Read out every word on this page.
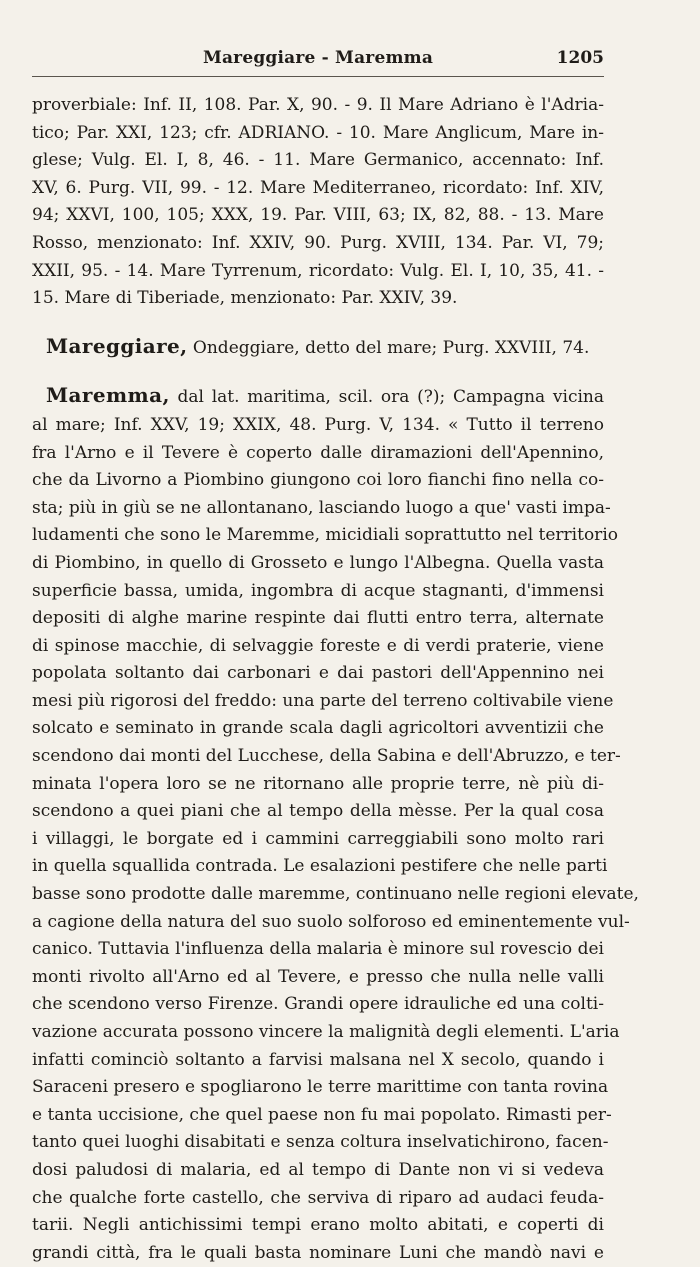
Mareggiare - Maremma	1205

proverbiale: Inf. II, 108. Par. X, 90. - 9. Il Mare Adriano è l'Adria-
tico; Par. XXI, 123; cfr. ADRIANO. - 10. Mare Anglicum, Mare in-
glese; Vulg. El. I, 8, 46. - 11. Mare Germanico, accennato: Inf.
XV, 6. Purg. VII, 99. - 12. Mare Mediterraneo, ricordato: Inf. XIV,
94; XXVI, 100, 105; XXX, 19. Par. VIII, 63; IX, 82, 88. - 13. Mare
Rosso, menzionato: Inf. XXIV, 90. Purg. XVIII, 134. Par. VI, 79;
XXII, 95. - 14. Mare Tyrrenum, ricordato: Vulg. El. I, 10, 35, 41. -
15. Mare di Tiberiade, menzionato: Par. XXIV, 39.

Mareggiare, Ondeggiare, detto del mare; Purg. XXVIII, 74.

Maremma, dal lat. maritima, scil. ora (?); Campagna vicina
al mare; Inf. XXV, 19; XXIX, 48. Purg. V, 134. « Tutto il terreno
fra l'Arno e il Tevere è coperto dalle diramazioni dell'Apennino,
che da Livorno a Piombino giungono coi loro fianchi fino nella co-
sta; più in giù se ne allontanano, lasciando luogo a que' vasti impa-
ludamenti che sono le Maremme, micidiali soprattutto nel territorio
di Piombino, in quello di Grosseto e lungo l'Albegna. Quella vasta
superficie bassa, umida, ingombra di acque stagnanti, d'immensi
depositi di alghe marine respinte dai flutti entro terra, alternate
di spinose macchie, di selvaggie foreste e di verdi praterie, viene
popolata soltanto dai carbonari e dai pastori dell'Appennino nei
mesi più rigorosi del freddo: una parte del terreno coltivabile viene
solcato e seminato in grande scala dagli agricoltori avventizii che
scendono dai monti del Lucchese, della Sabina e dell'Abruzzo, e ter-
minata l'opera loro se ne ritornano alle proprie terre, nè più di-
scendono a quei piani che al tempo della mèsse. Per la qual cosa
i villaggi, le borgate ed i cammini carreggiabili sono molto rari
in quella squallida contrada. Le esalazioni pestifere che nelle parti
basse sono prodotte dalle maremme, continuano nelle regioni elevate,
a cagione della natura del suo suolo solforoso ed eminentemente vul-
canico. Tuttavia l'influenza della malaria è minore sul rovescio dei
monti rivolto all'Arno ed al Tevere, e presso che nulla nelle valli
che scendono verso Firenze. Grandi opere idrauliche ed una colti-
vazione accurata possono vincere la malignità degli elementi. L'aria
infatti cominciò soltanto a farvisi malsana nel X secolo, quando i
Saraceni presero e spogliarono le terre marittime con tanta rovina
e tanta uccisione, che quel paese non fu mai popolato. Rimasti per-
tanto quei luoghi disabitati e senza coltura inselvatichirono, facen-
dosi paludosi di malaria, ed al tempo di Dante non vi si vedeva
che qualche forte castello, che serviva di riparo ad audaci feuda-
tarii. Negli antichissimi tempi erano molto abitati, e coperti di
grandi città, fra le quali basta nominare Luni che mandò navi e
